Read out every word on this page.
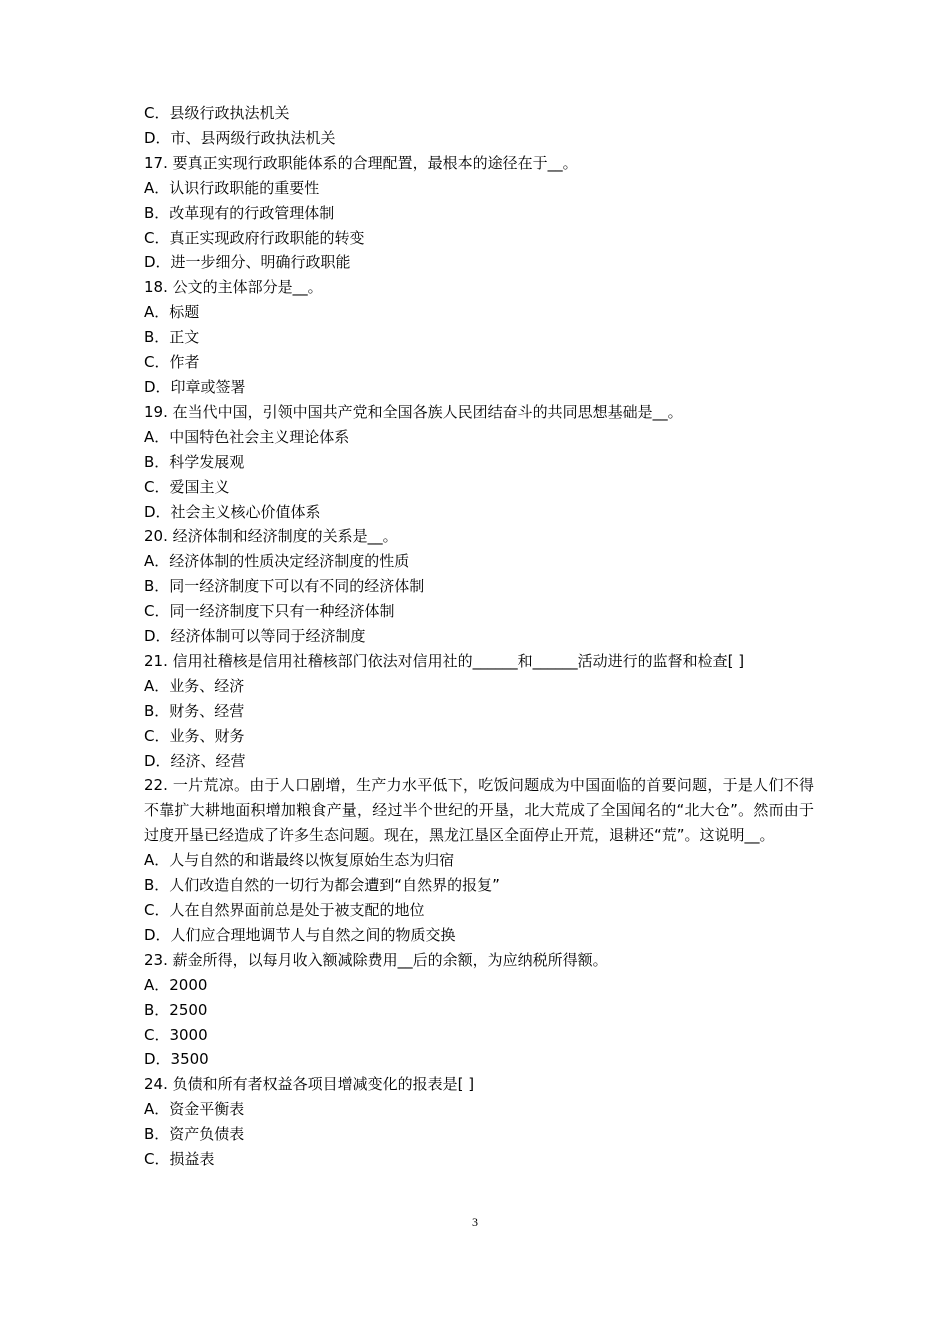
C．县级行政执法机关
D．市、县两级行政执法机关
17. 要真正实现行政职能体系的合理配置，最根本的途径在于__。
A．认识行政职能的重要性
B．改革现有的行政管理体制
C．真正实现政府行政职能的转变
D．进一步细分、明确行政职能
18. 公文的主体部分是__。
A．标题
B．正文
C．作者
D．印章或签署
19. 在当代中国，引领中国共产党和全国各族人民团结奋斗的共同思想基础是__。
A．中国特色社会主义理论体系
B．科学发展观
C．爱国主义
D．社会主义核心价值体系
20. 经济体制和经济制度的关系是__。
A．经济体制的性质决定经济制度的性质
B．同一经济制度下可以有不同的经济体制
C．同一经济制度下只有一种经济体制
D．经济体制可以等同于经济制度
21. 信用社稽核是信用社稽核部门依法对信用社的______和______活动进行的监督和检查[ ]
A．业务、经济
B．财务、经营
C．业务、财务
D．经济、经营
22. 一片荒凉。由于人口剧增，生产力水平低下，吃饭问题成为中国面临的首要问题，于是人们不得不靠扩大耕地面积增加粮食产量，经过半个世纪的开垦，北大荒成了全国闻名的“北大仓”。然而由于过度开垦已经造成了许多生态问题。现在，黑龙江垦区全面停止开荒，退耕还“荒”。这说明__。
A．人与自然的和谐最终以恢复原始生态为归宿
B．人们改造自然的一切行为都会遭到“自然界的报复”
C．人在自然界面前总是处于被支配的地位
D．人们应合理地调节人与自然之间的物质交换
23. 薪金所得，以每月收入额减除费用__后的余额，为应纳税所得额。
A．2000
B．2500
C．3000
D．3500
24. 负债和所有者权益各项目增减变化的报表是[ ]
A．资金平衡表
B．资产负债表
C．损益表
3
